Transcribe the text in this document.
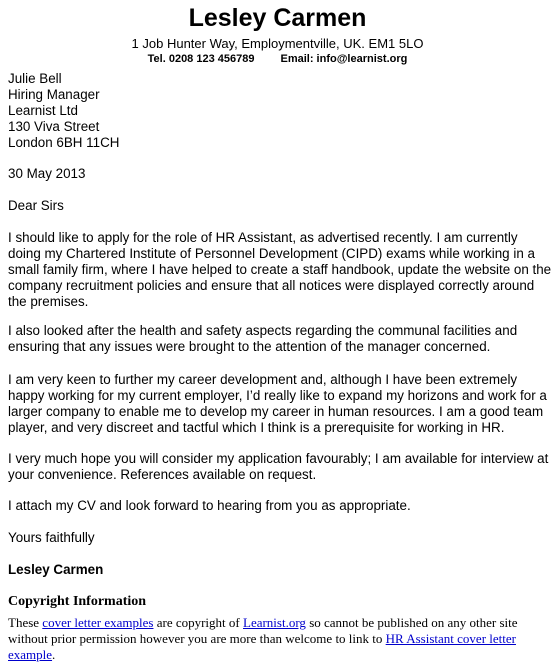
Lesley Carmen
1 Job Hunter Way, Employmentville, UK. EM1 5LO
Tel. 0208 123 456789 Email: info@learnist.org
Julie Bell
Hiring Manager
Learnist Ltd
130 Viva Street
London 6BH 11CH
30 May 2013
Dear Sirs
I should like to apply for the role of HR Assistant, as advertised recently. I am currently doing my Chartered Institute of Personnel Development (CIPD) exams while working in a small family firm, where I have helped to create a staff handbook, update the website on the company recruitment policies and ensure that all notices were displayed correctly around the premises.
I also looked after the health and safety aspects regarding the communal facilities and ensuring that any issues were brought to the attention of the manager concerned.
I am very keen to further my career development and, although I have been extremely happy working for my current employer, I’d really like to expand my horizons and work for a larger company to enable me to develop my career in human resources. I am a good team player, and very discreet and tactful which I think is a prerequisite for working in HR.
I very much hope you will consider my application favourably; I am available for interview at your convenience. References available on request.
I attach my CV and look forward to hearing from you as appropriate.
Yours faithfully
Lesley Carmen
Copyright Information
These cover letter examples are copyright of Learnist.org so cannot be published on any other site without prior permission however you are more than welcome to link to HR Assistant cover letter example.
